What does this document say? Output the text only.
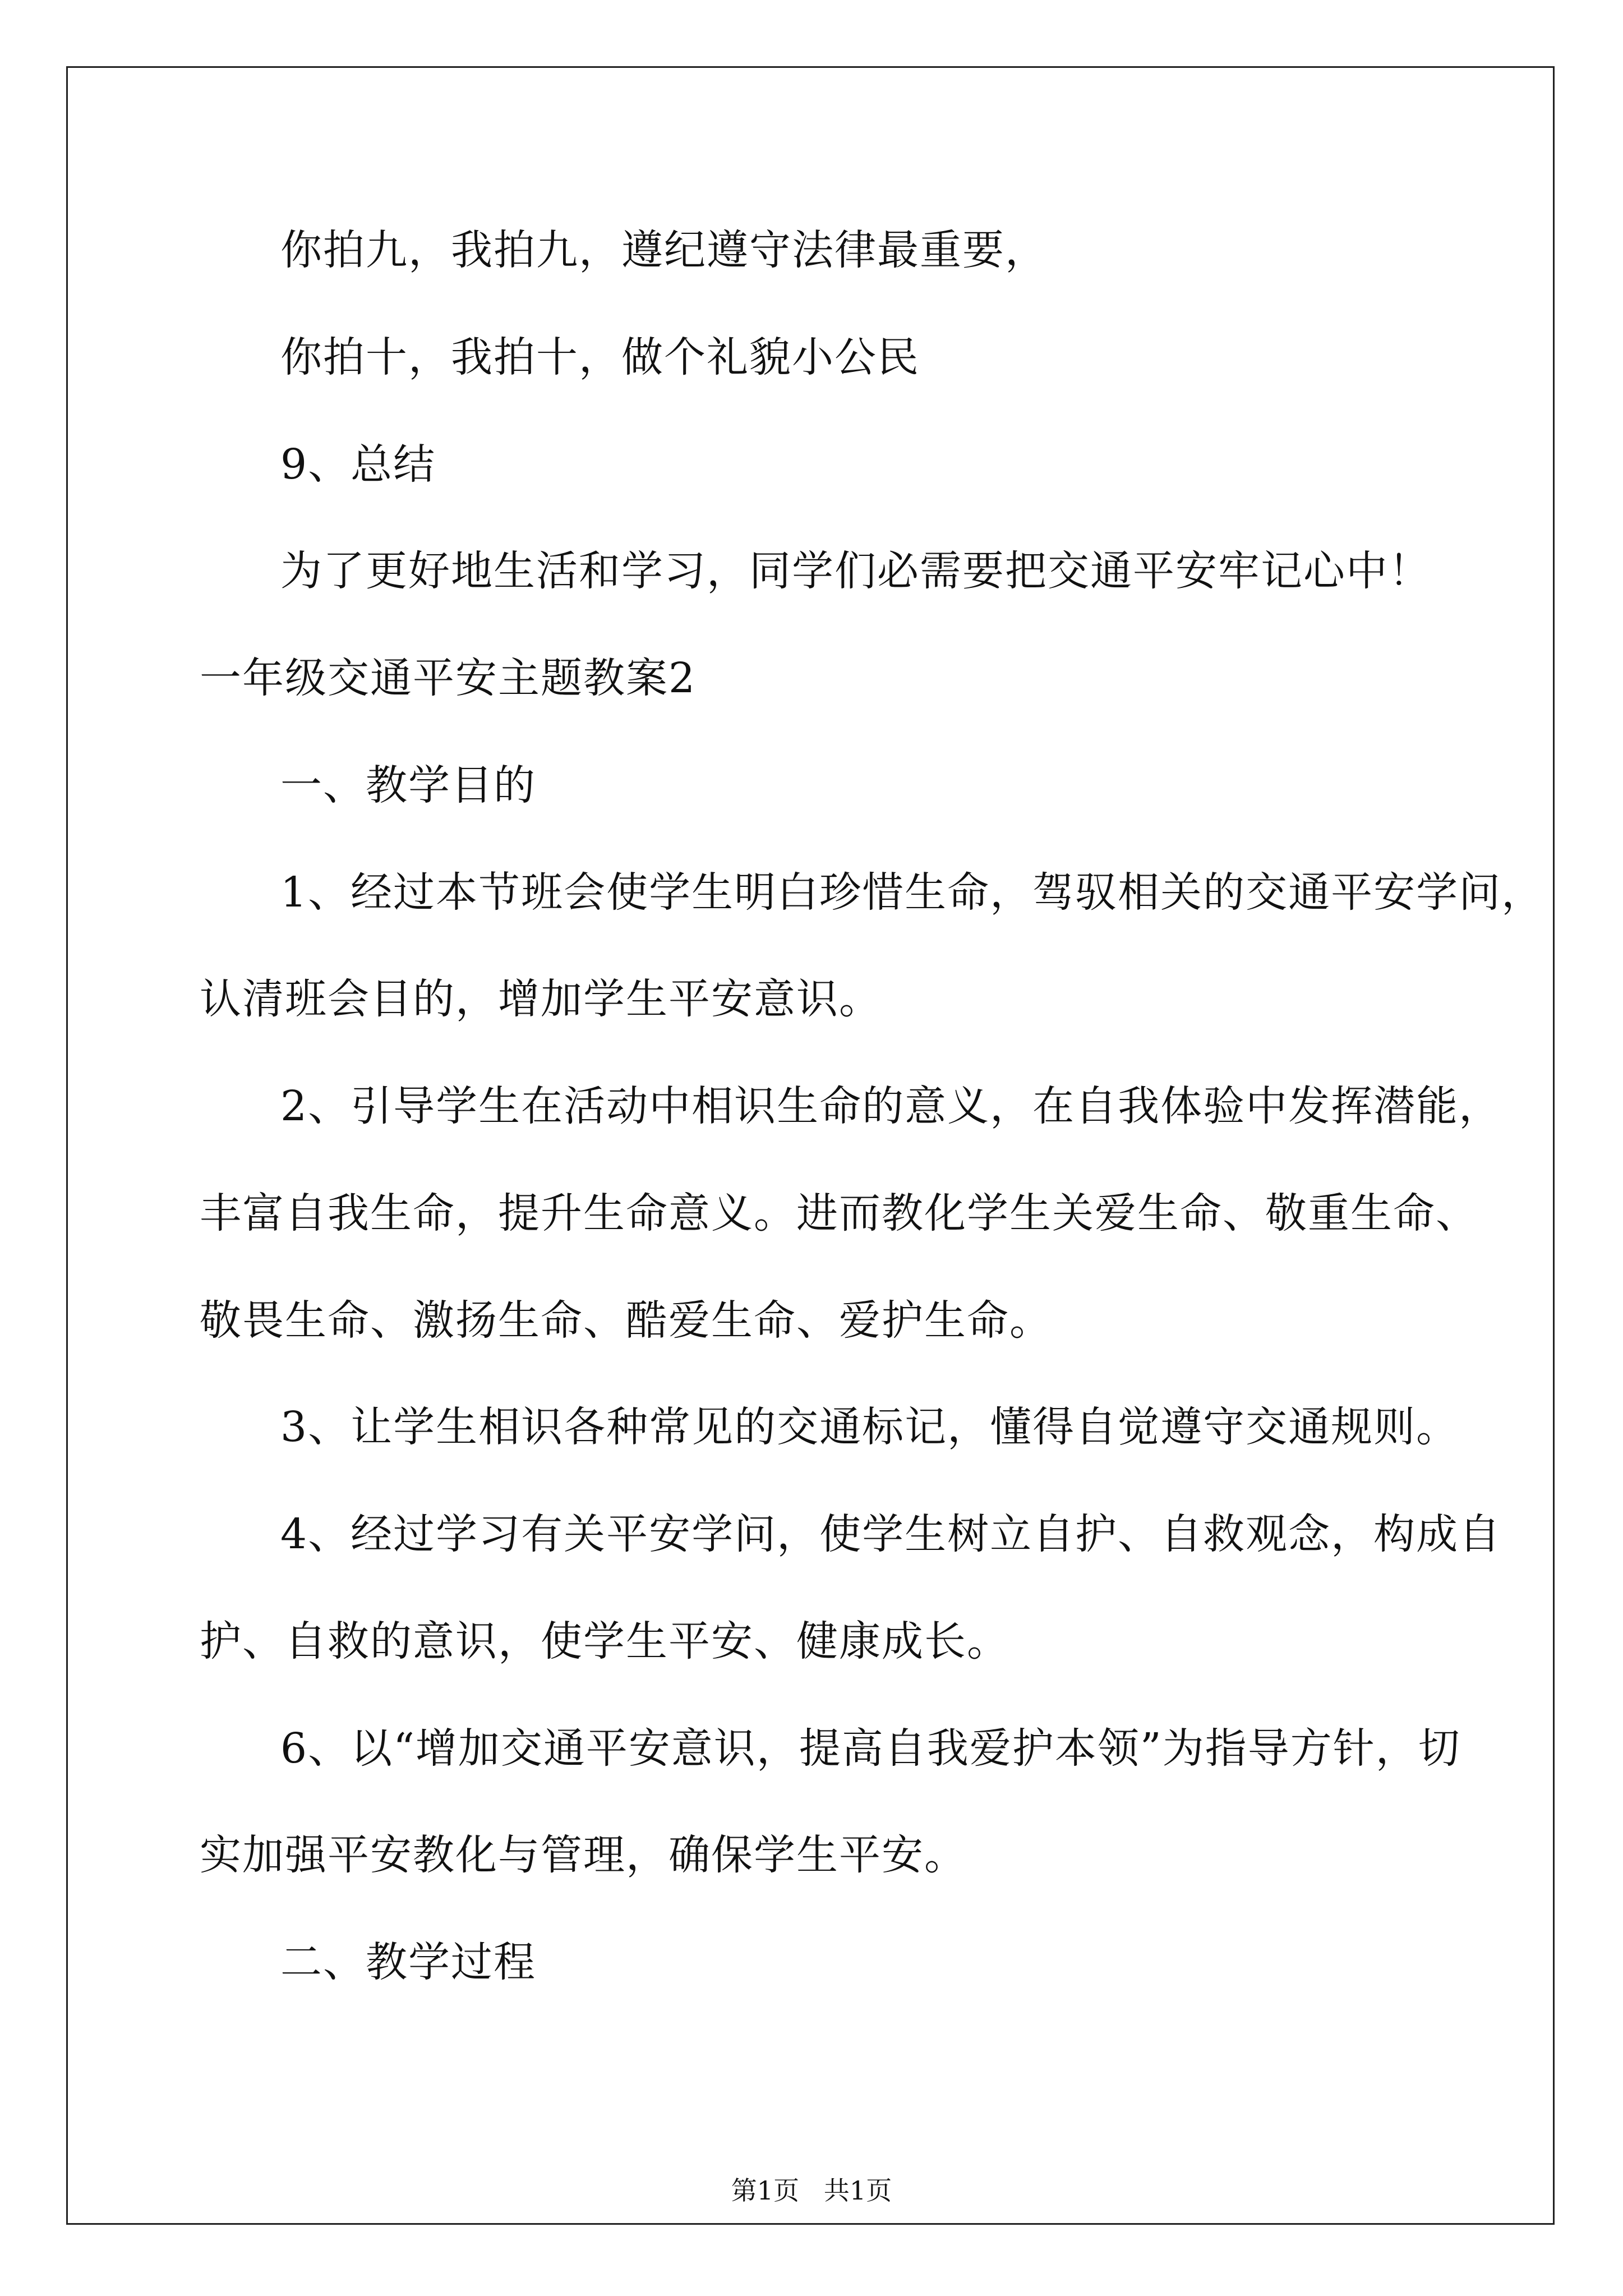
你拍九，我拍九，遵纪遵守法律最重要，

你拍十，我拍十，做个礼貌小公民

9、总结

为了更好地生活和学习，同学们必需要把交通平安牢记心中！

一年级交通平安主题教案2

一、教学目的

1、经过本节班会使学生明白珍惜生命，驾驭相关的交通平安学问，

认清班会目的，增加学生平安意识。

2、引导学生在活动中相识生命的意义，在自我体验中发挥潜能，

丰富自我生命，提升生命意义。进而教化学生关爱生命、敬重生命、

敬畏生命、激扬生命、酷爱生命、爱护生命。

3、让学生相识各种常见的交通标记，懂得自觉遵守交通规则。

4、经过学习有关平安学问，使学生树立自护、自救观念，构成自

护、自救的意识，使学生平安、健康成长。

6、以“增加交通平安意识，提高自我爱护本领”为指导方针，切

实加强平安教化与管理，确保学生平安。

二、教学过程

第1页   共1页
